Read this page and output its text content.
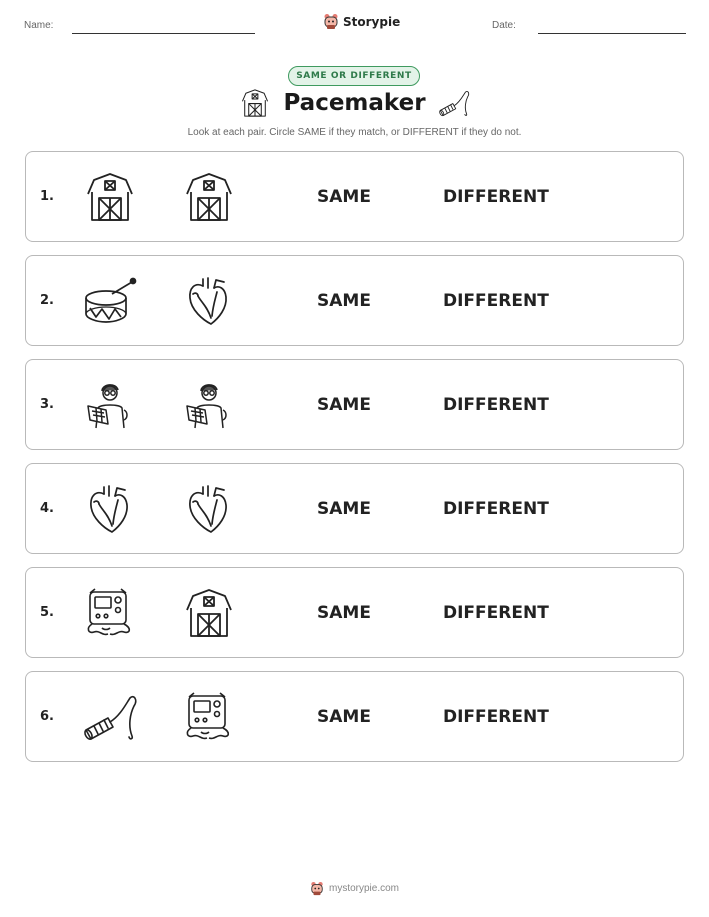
Name:	Storypie	Date:
SAME OR DIFFERENT
Pacemaker
Look at each pair. Circle SAME if they match, or DIFFERENT if they do not.
1.	SAME	DIFFERENT
2.	SAME	DIFFERENT
3.	SAME	DIFFERENT
4.	SAME	DIFFERENT
5.	SAME	DIFFERENT
6.	SAME	DIFFERENT
mystorypie.com
